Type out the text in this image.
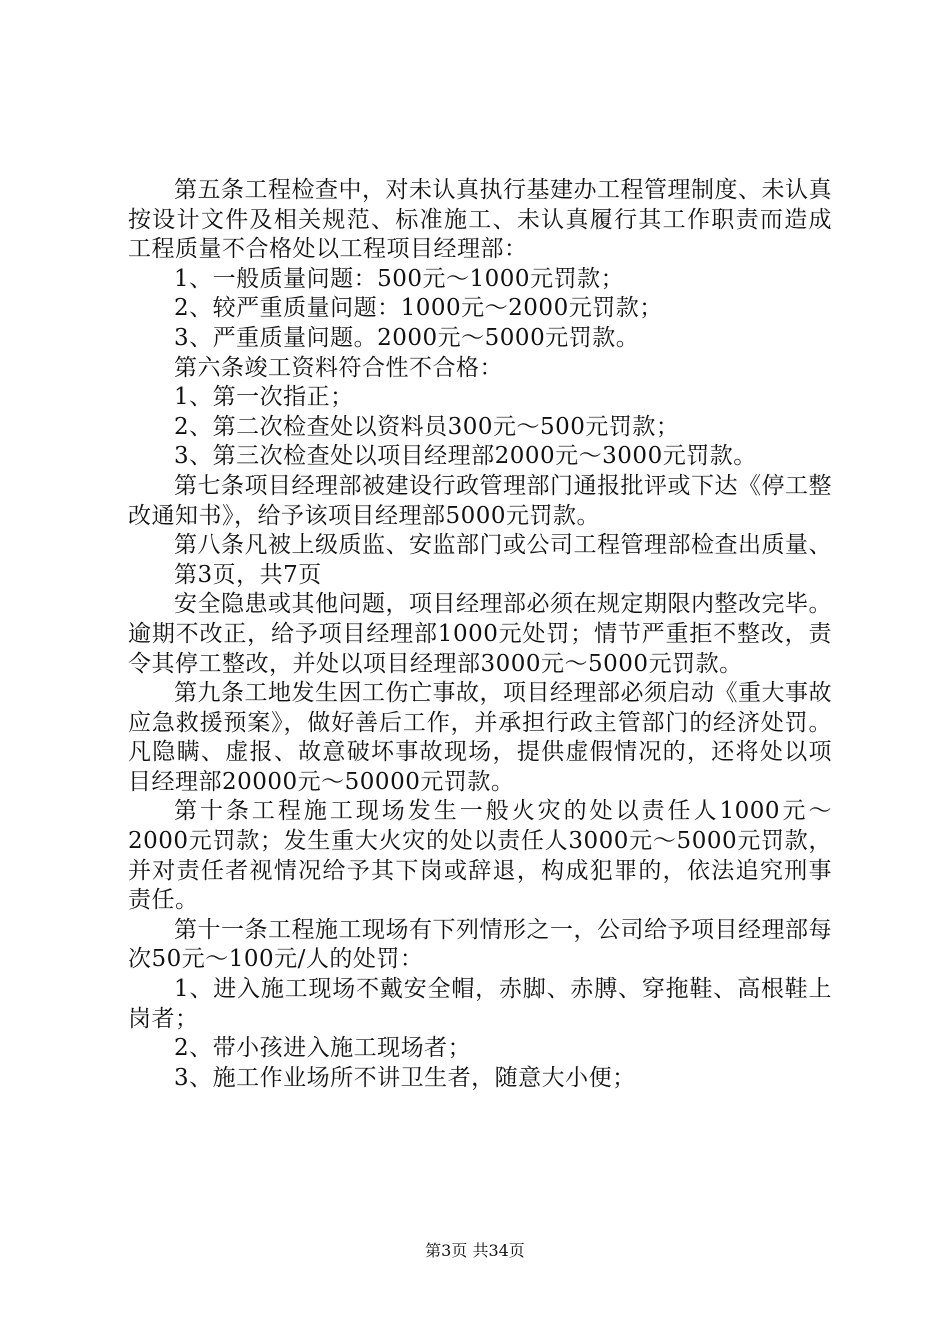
第五条工程检查中，对未认真执行基建办工程管理制度、未认真按设计文件及相关规范、标准施工、未认真履行其工作职责而造成工程质量不合格处以工程项目经理部：

1、一般质量问题：500元～1000元罚款；

2、较严重质量问题：1000元～2000元罚款；

3、严重质量问题。2000元～5000元罚款。

第六条竣工资料符合性不合格：

1、第一次指正；

2、第二次检查处以资料员300元～500元罚款；

3、第三次检查处以项目经理部2000元～3000元罚款。

第七条项目经理部被建设行政管理部门通报批评或下达《停工整改通知书》，给予该项目经理部5000元罚款。

第八条凡被上级质监、安监部门或公司工程管理部检查出质量、

第3页，共7页

安全隐患或其他问题，项目经理部必须在规定期限内整改完毕。逾期不改正，给予项目经理部1000元处罚；情节严重拒不整改，责令其停工整改，并处以项目经理部3000元～5000元罚款。

第九条工地发生因工伤亡事故，项目经理部必须启动《重大事故应急救援预案》，做好善后工作，并承担行政主管部门的经济处罚。凡隐瞒、虚报、故意破坏事故现场，提供虚假情况的，还将处以项目经理部20000元～50000元罚款。

第十条工程施工现场发生一般火灾的处以责任人1000元～2000元罚款；发生重大火灾的处以责任人3000元～5000元罚款，并对责任者视情况给予其下岗或辞退，构成犯罪的，依法追究刑事责任。

第十一条工程施工现场有下列情形之一，公司给予项目经理部每次50元～100元/人的处罚：

1、进入施工现场不戴安全帽，赤脚、赤膊、穿拖鞋、高根鞋上岗者；

2、带小孩进入施工现场者；

3、施工作业场所不讲卫生者，随意大小便；

第3页 共34页
